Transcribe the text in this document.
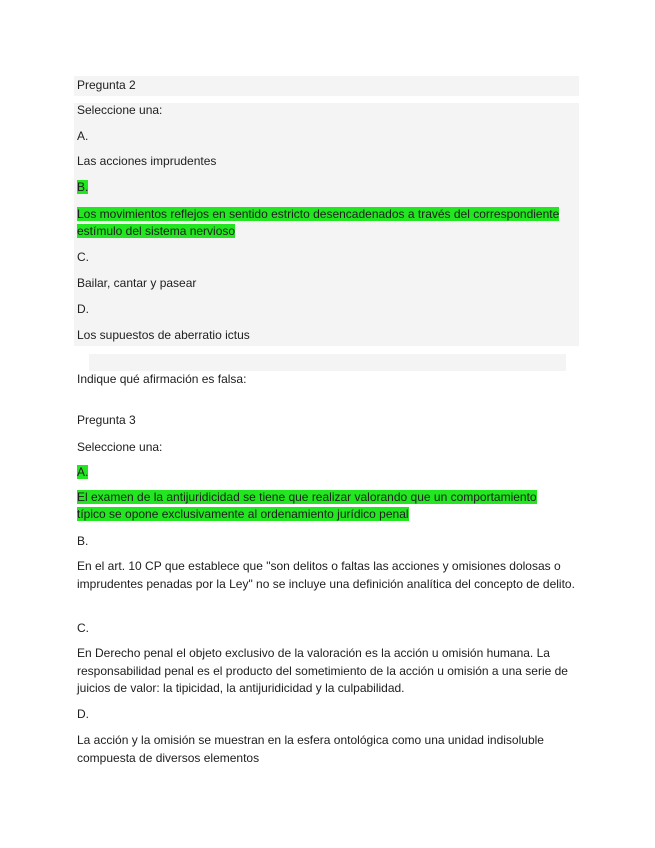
Pregunta 2
Seleccione una:
A.
Las acciones imprudentes
B.
Los movimientos reflejos en sentido estricto desencadenados a través del correspondiente estímulo del sistema nervioso
C.
Bailar, cantar y pasear
D.
Los supuestos de aberratio ictus
Indique qué afirmación es falsa:
Pregunta 3
Seleccione una:
A.
El examen de la antijuridicidad se tiene que realizar valorando que un comportamiento típico se opone exclusivamente al ordenamiento jurídico penal
B.
En el art. 10 CP que establece que "son delitos o faltas las acciones y omisiones dolosas o imprudentes penadas por la Ley" no se incluye una definición analítica del concepto de delito.
C.
En Derecho penal el objeto exclusivo de la valoración es la acción u omisión humana. La responsabilidad penal es el producto del sometimiento de la acción u omisión a una serie de juicios de valor: la tipicidad, la antijuridicidad y la culpabilidad.
D.
La acción y la omisión se muestran en la esfera ontológica como una unidad indisoluble compuesta de diversos elementos
